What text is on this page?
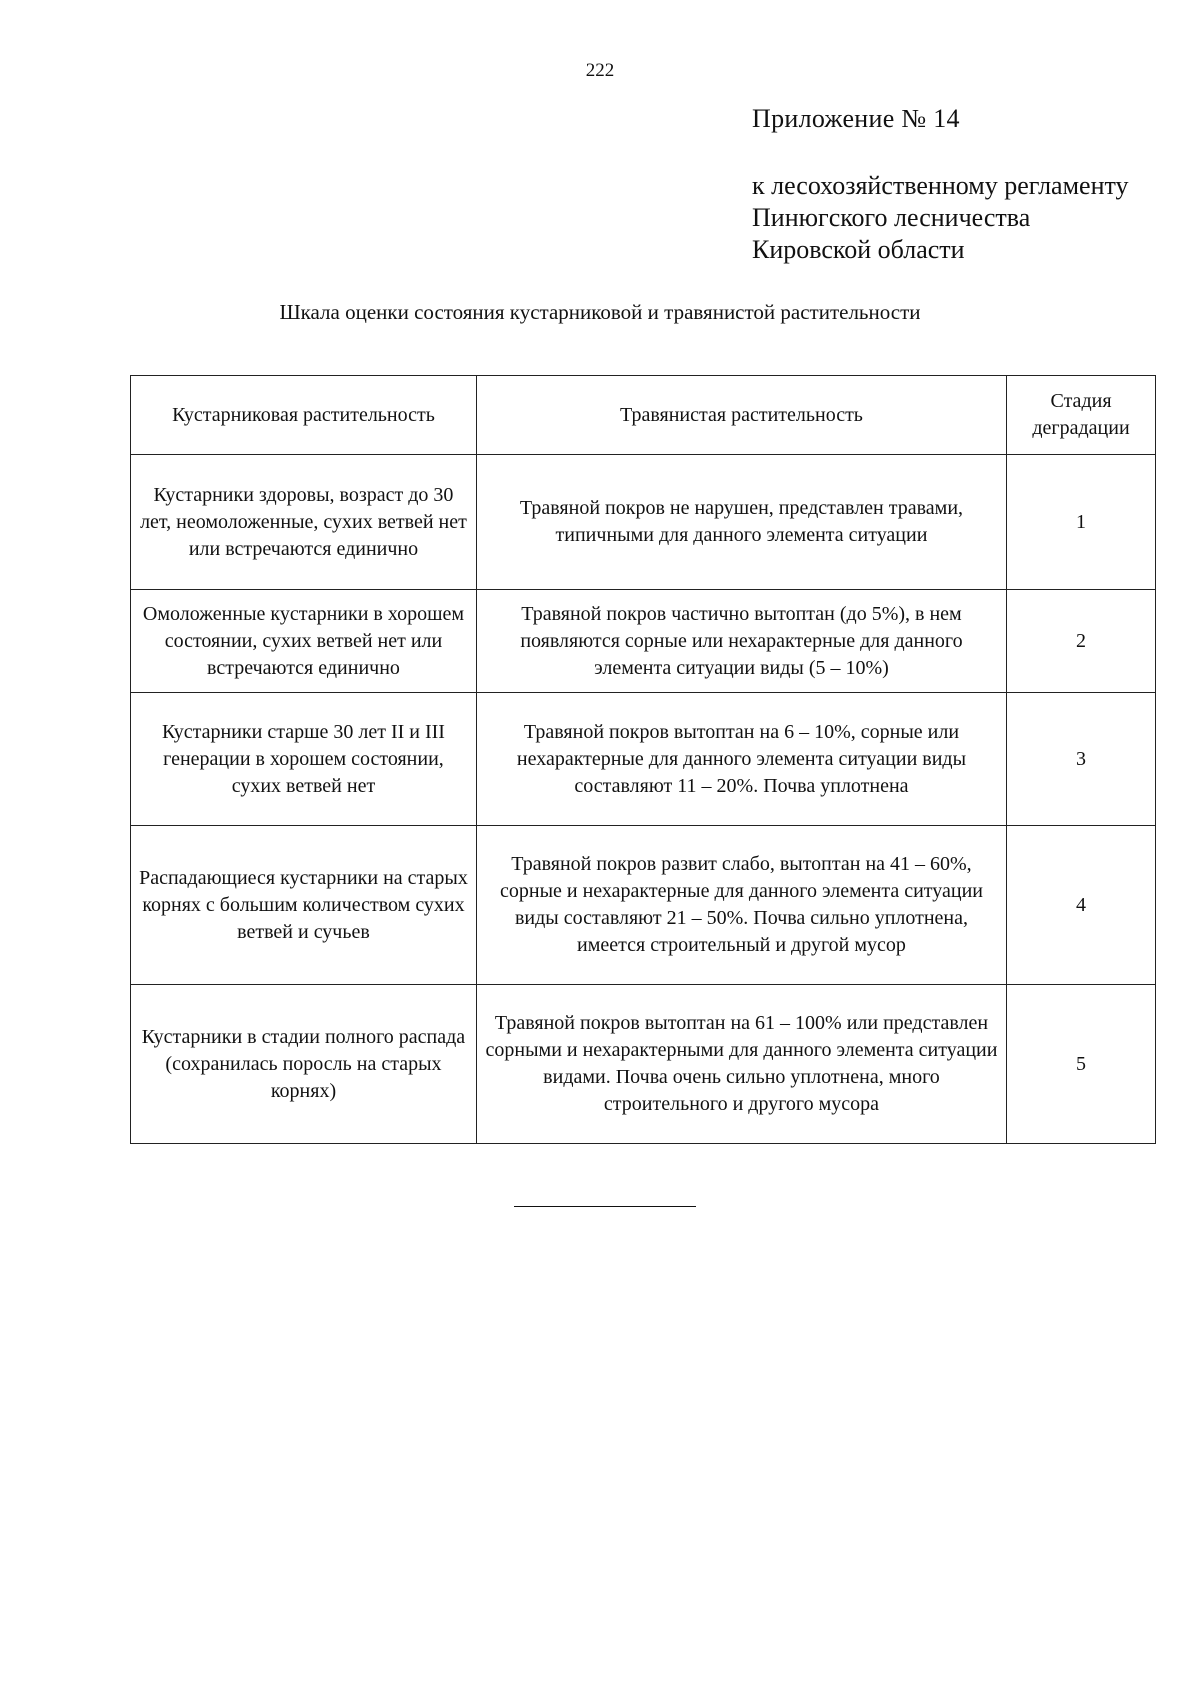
222
Приложение № 14
к лесохозяйственному регламенту
Пинюгского лесничества
Кировской области
Шкала оценки состояния кустарниковой и травянистой растительности
Кустарниковая растительность	Травянистая растительность	Стадия деградации
Кустарники здоровы, возраст до 30 лет, неомоложенные, сухих ветвей нет или встречаются единично	Травяной покров не нарушен, представлен травами, типичными для данного элемента ситуации	1
Омоложенные кустарники в хорошем состоянии, сухих ветвей нет или встречаются единично	Травяной покров частично вытоптан (до 5%), в нем появляются сорные или нехарактерные для данного элемента ситуации виды (5 – 10%)	2
Кустарники старше 30 лет II и III генерации в хорошем состоянии, сухих ветвей нет	Травяной покров вытоптан на 6 – 10%, сорные или нехарактерные для данного элемента ситуации виды составляют 11 – 20%. Почва уплотнена	3
Распадающиеся кустарники на старых корнях с большим количеством сухих ветвей и сучьев	Травяной покров развит слабо, вытоптан на 41 – 60%, сорные и нехарактерные для данного элемента ситуации виды составляют 21 – 50%. Почва сильно уплотнена, имеется строительный и другой мусор	4
Кустарники в стадии полного распада (сохранилась поросль на старых корнях)	Травяной покров вытоптан на 61 – 100% или представлен сорными и нехарактерными для данного элемента ситуации видами. Почва очень сильно уплотнена, много строительного и другого мусора	5
